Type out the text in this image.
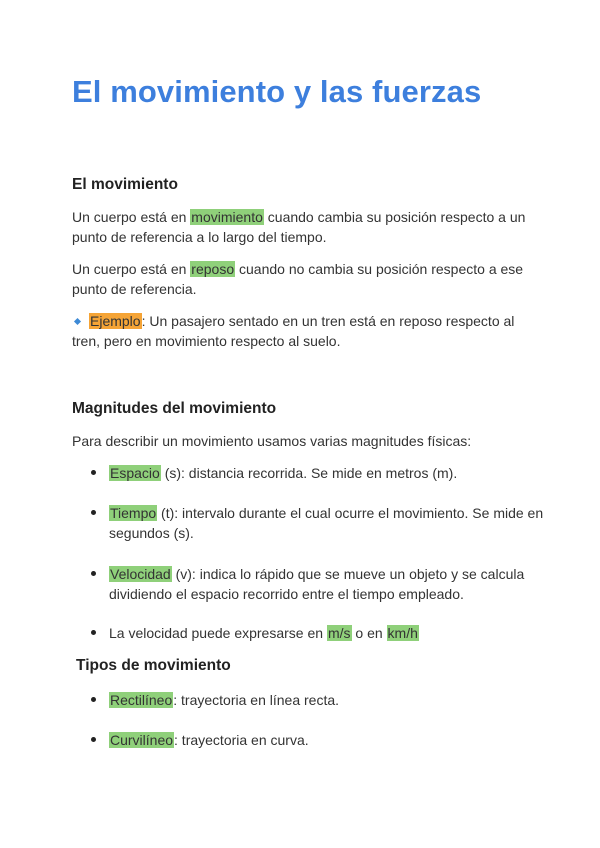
El movimiento y las fuerzas
El movimiento

Un cuerpo está en movimiento cuando cambia su posición respecto a un punto de referencia a lo largo del tiempo.

Un cuerpo está en reposo cuando no cambia su posición respecto a ese punto de referencia.

Ejemplo: Un pasajero sentado en un tren está en reposo respecto al tren, pero en movimiento respecto al suelo.

Magnitudes del movimiento

Para describir un movimiento usamos varias magnitudes físicas:

Espacio (s): distancia recorrida. Se mide en metros (m).

Tiempo (t): intervalo durante el cual ocurre el movimiento. Se mide en segundos (s).

Velocidad (v): indica lo rápido que se mueve un objeto y se calcula dividiendo el espacio recorrido entre el tiempo empleado.

La velocidad puede expresarse en m/s o en km/h

Tipos de movimiento

Rectilíneo: trayectoria en línea recta.

Curvilíneo: trayectoria en curva.
